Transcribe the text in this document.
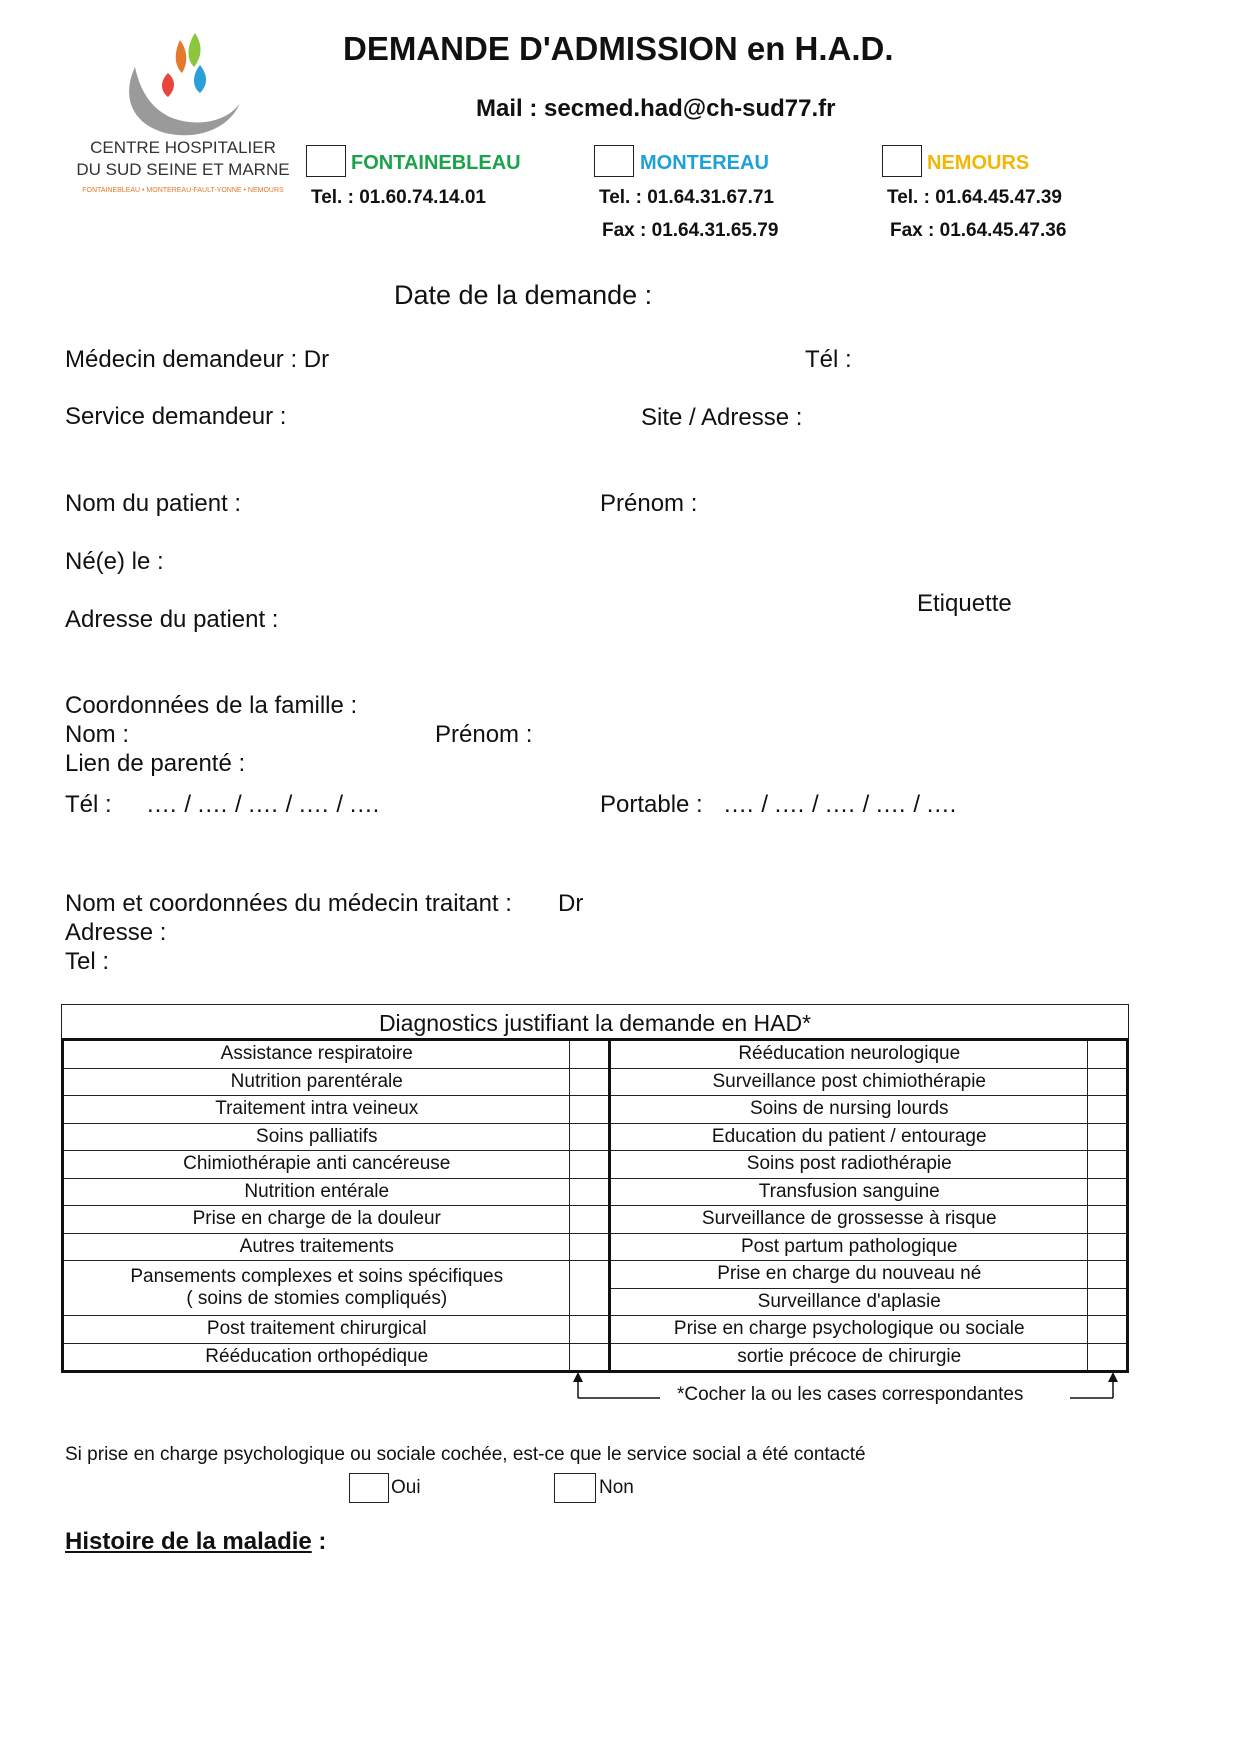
CENTRE HOSPITALIER
DU SUD SEINE ET MARNE
FONTAINEBLEAU • MONTEREAU-FAULT-YONNE • NEMOURS
DEMANDE D'ADMISSION en H.A.D.
Mail : secmed.had@ch-sud77.fr
FONTAINEBLEAU
Tel. : 01.60.74.14.01
MONTEREAU
Tel. : 01.64.31.67.71
Fax : 01.64.31.65.79
NEMOURS
Tel. : 01.64.45.47.39
Fax : 01.64.45.47.36
Date de la demande :
Médecin demandeur : Dr	Tél :
Service demandeur :	Site / Adresse :
Nom du patient :	Prénom :
Né(e) le :
Etiquette
Adresse du patient :
Coordonnées de la famille :
Nom :	Prénom :
Lien de parenté :
Tél : .… / .… / .… / .… / .…	Portable : .… / .… / .… / .… / .…
Nom et coordonnées du médecin traitant : Dr
Adresse :
Tel :
Diagnostics justifiant la demande en HAD*
Assistance respiratoire		Rééducation neurologique	
Nutrition parentérale		Surveillance post chimiothérapie	
Traitement intra veineux		Soins de nursing lourds	
Soins palliatifs		Education du patient / entourage	
Chimiothérapie anti cancéreuse		Soins post radiothérapie	
Nutrition entérale		Transfusion sanguine	
Prise en charge de la douleur		Surveillance de grossesse à risque	
Autres traitements		Post partum pathologique	

Pansements complexes et soins spécifiques
( soins de stomies compliqués)		Prise en charge du nouveau né	
		Surveillance d'aplasie	
Post traitement chirurgical		Prise en charge psychologique ou sociale	
Rééducation orthopédique		sortie précoce de chirurgie	
*Cocher la ou les cases correspondantes
Si prise en charge psychologique ou sociale cochée, est-ce que le service social a été contacté
Oui	Non
Histoire de la maladie :
